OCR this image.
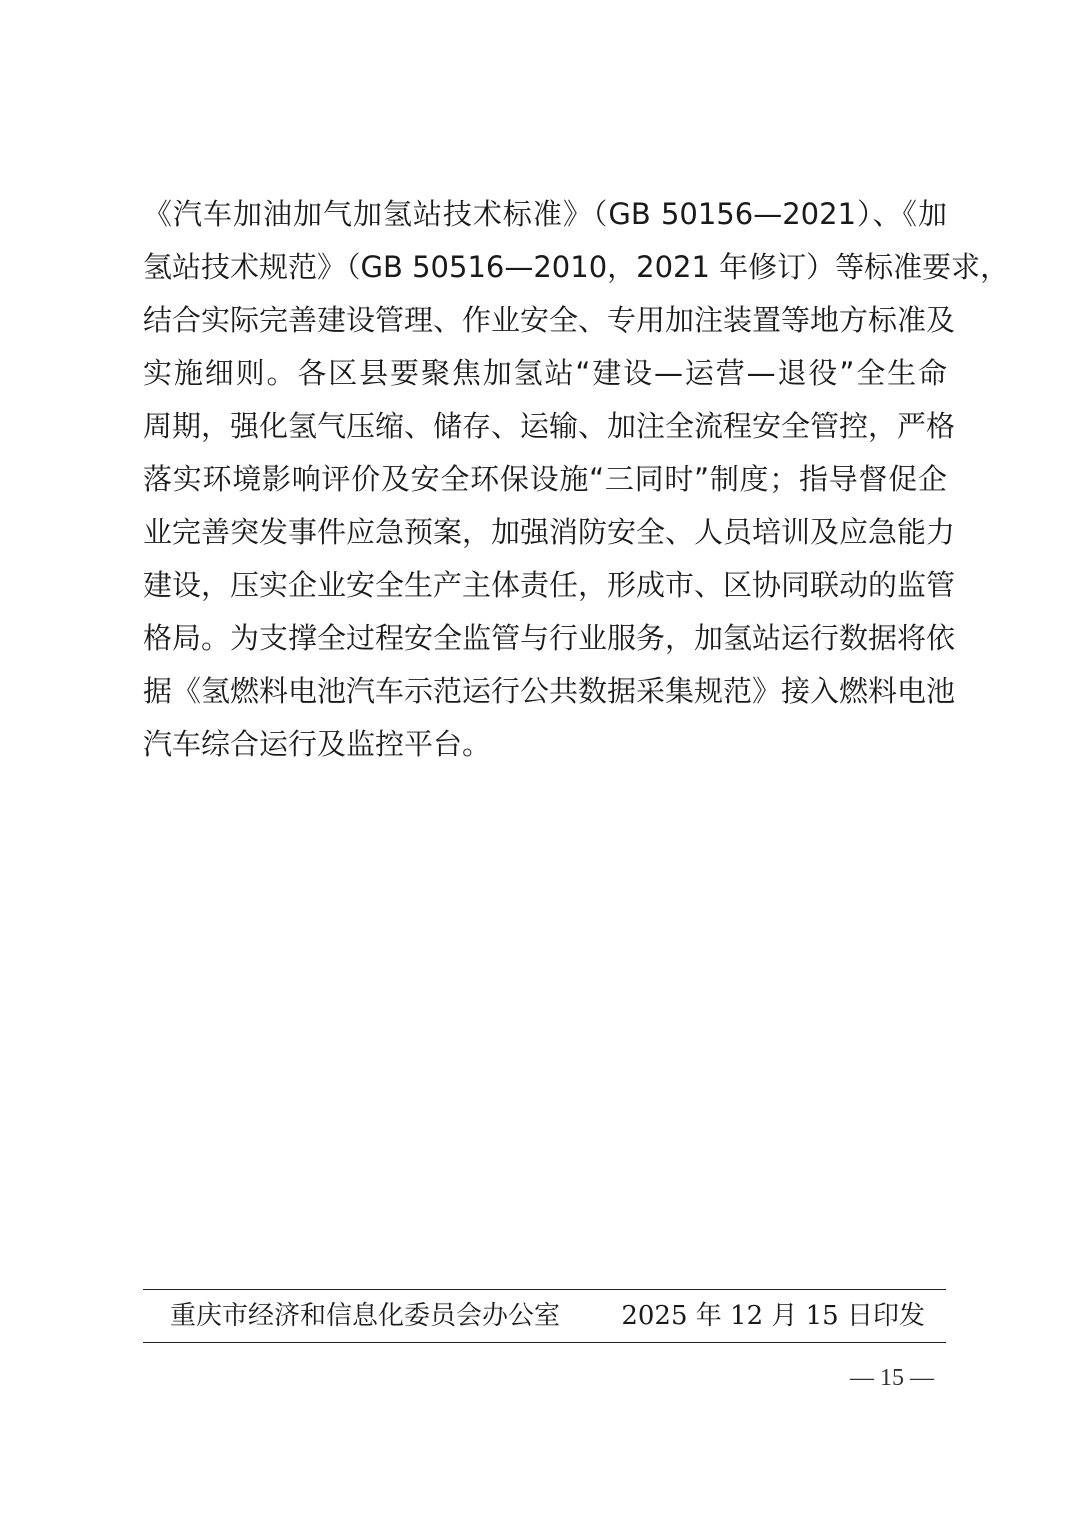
《汽车加油加气加氢站技术标准》（GB 50156—2021）、《加
氢站技术规范》（GB 50516—2010，2021 年修订）等标准要求，
结合实际完善建设管理、作业安全、专用加注装置等地方标准及
实施细则。各区县要聚焦加氢站“建设—运营—退役”全生命
周期，强化氢气压缩、储存、运输、加注全流程安全管控，严格
落实环境影响评价及安全环保设施“三同时”制度；指导督促企
业完善突发事件应急预案，加强消防安全、人员培训及应急能力
建设，压实企业安全生产主体责任，形成市、区协同联动的监管
格局。为支撑全过程安全监管与行业服务，加氢站运行数据将依
据《氢燃料电池汽车示范运行公共数据采集规范》接入燃料电池
汽车综合运行及监控平台。
重庆市经济和信息化委员会办公室 2025 年 12 月 15 日印发
— 15 —
